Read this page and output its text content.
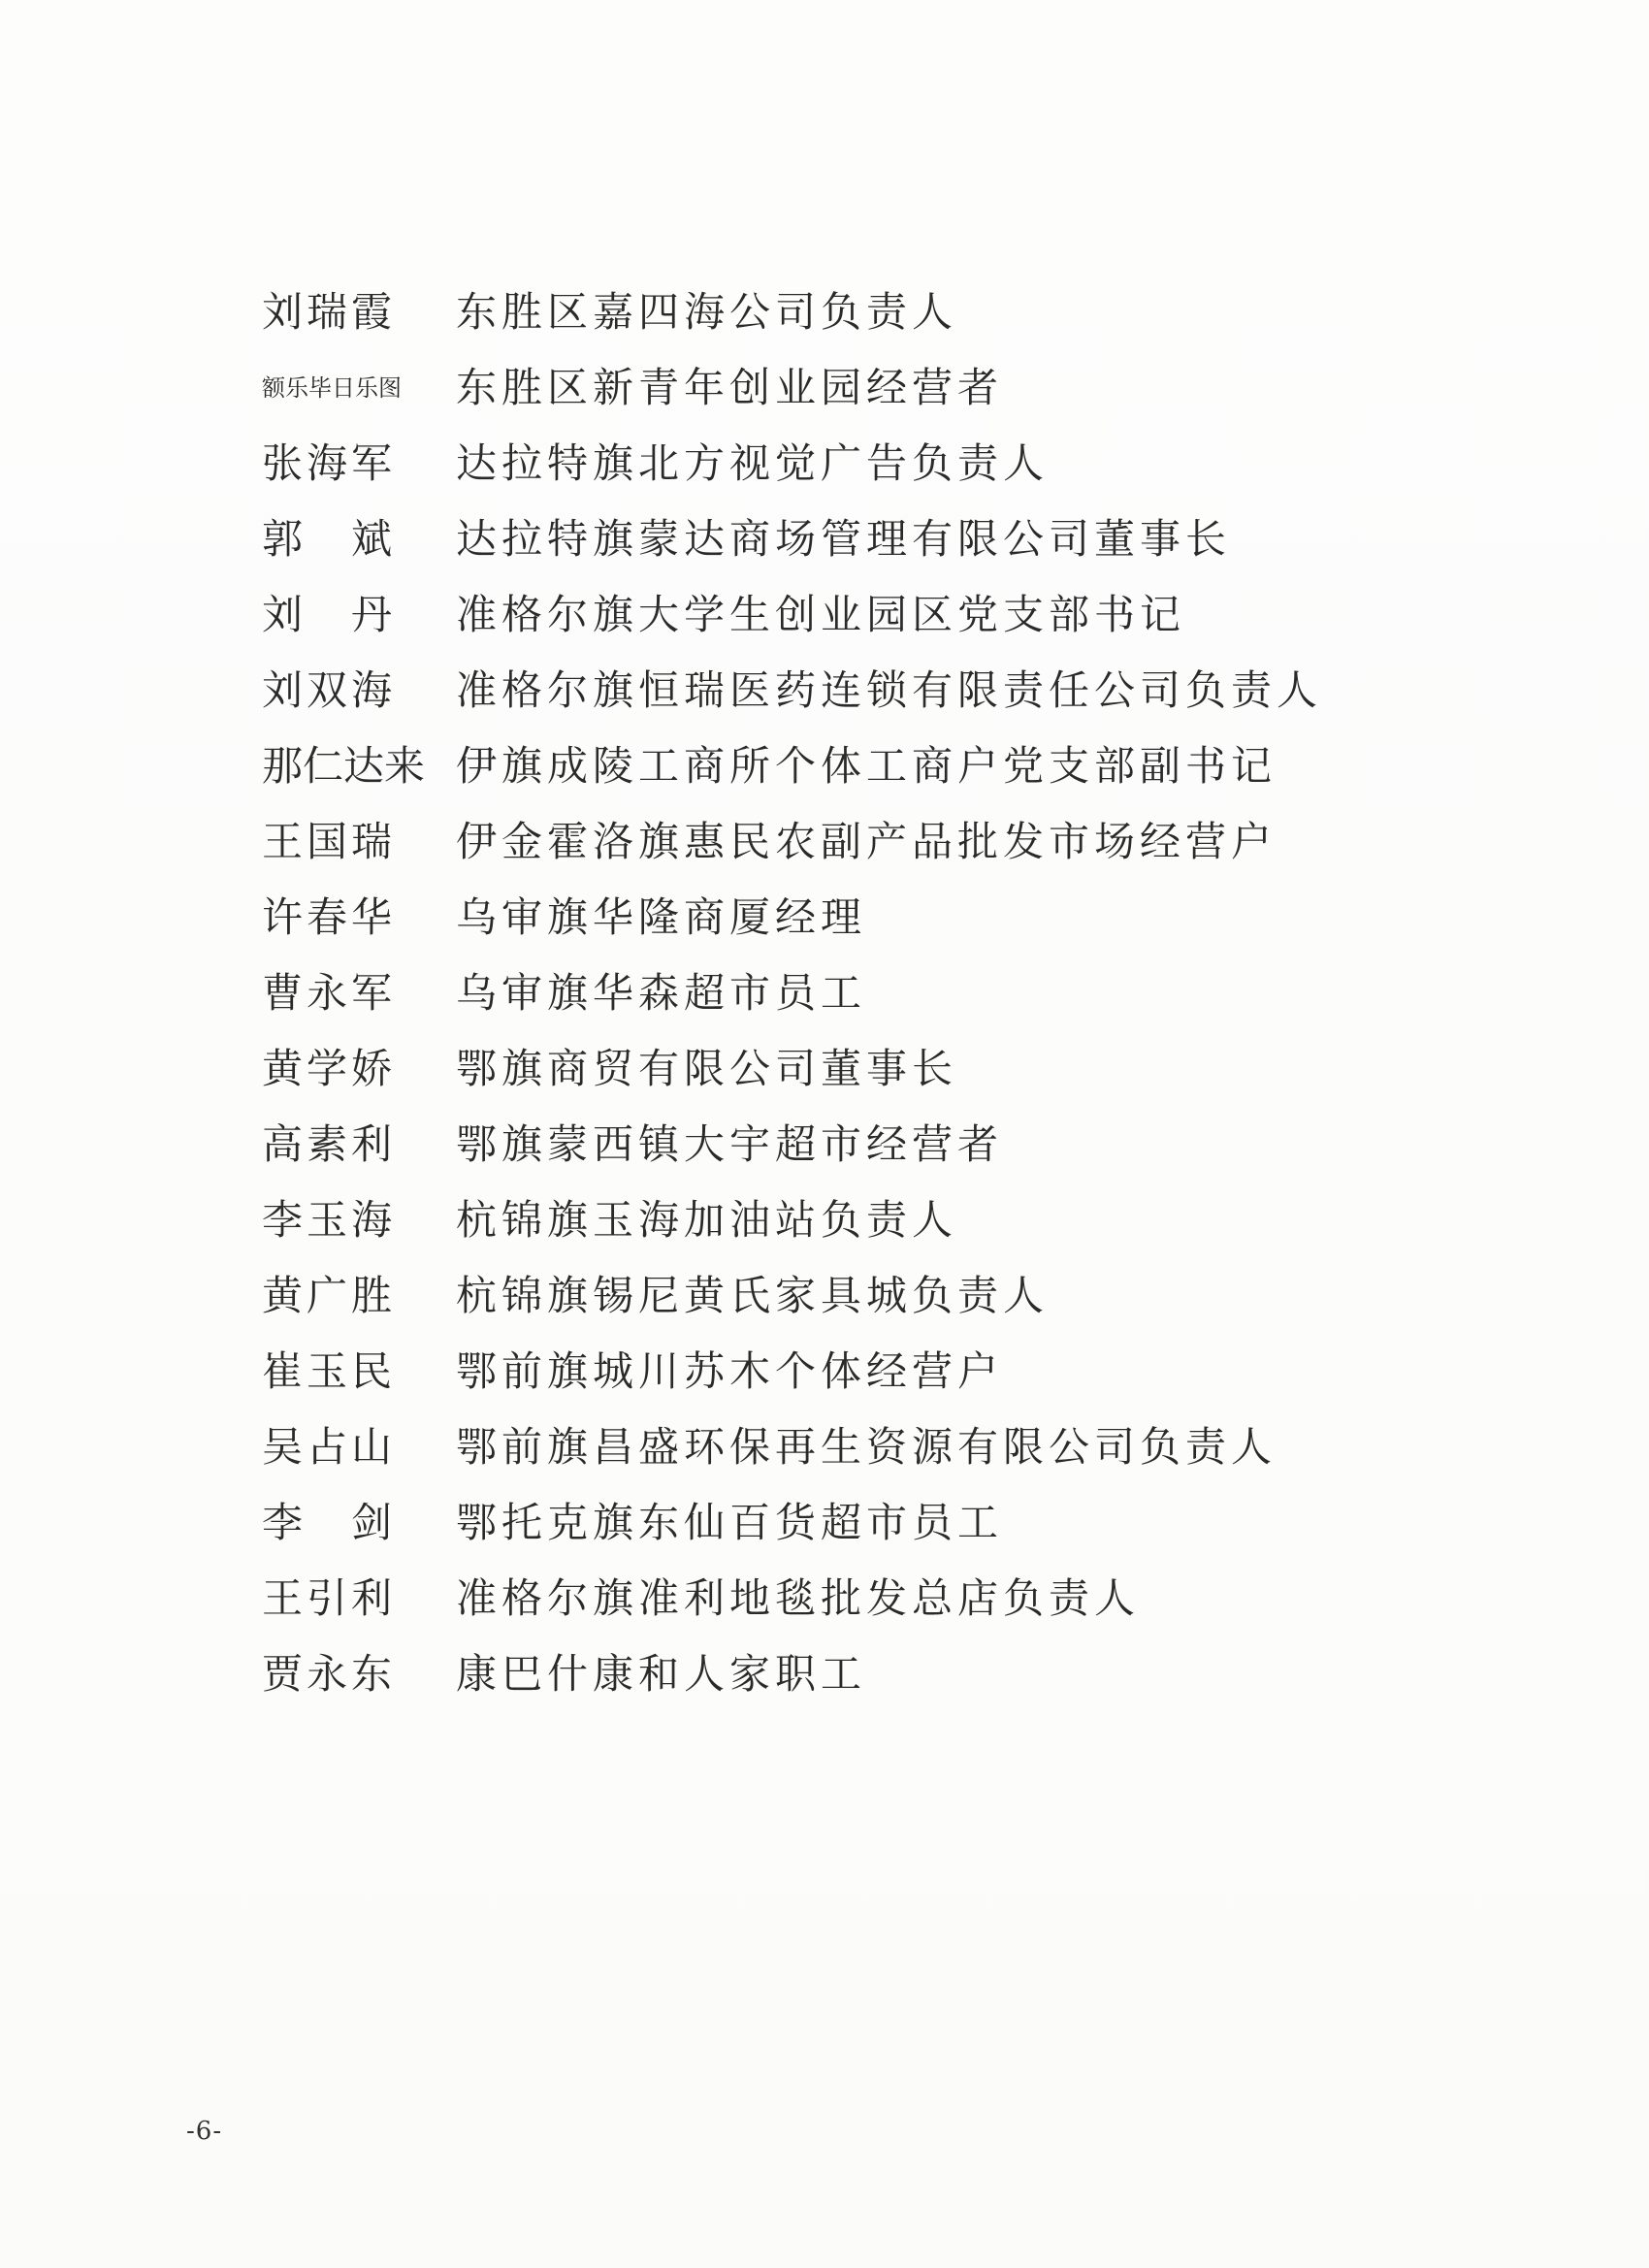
刘瑞霞	东胜区嘉四海公司负责人
额乐毕日乐图	东胜区新青年创业园经营者
张海军	达拉特旗北方视觉广告负责人
郭　斌	达拉特旗蒙达商场管理有限公司董事长
刘　丹	准格尔旗大学生创业园区党支部书记
刘双海	准格尔旗恒瑞医药连锁有限责任公司负责人
那仁达来 伊旗成陵工商所个体工商户党支部副书记
王国瑞	伊金霍洛旗惠民农副产品批发市场经营户
许春华	乌审旗华隆商厦经理
曹永军	乌审旗华森超市员工
黄学娇	鄂旗商贸有限公司董事长
高素利	鄂旗蒙西镇大宇超市经营者
李玉海	杭锦旗玉海加油站负责人
黄广胜	杭锦旗锡尼黄氏家具城负责人
崔玉民	鄂前旗城川苏木个体经营户
吴占山	鄂前旗昌盛环保再生资源有限公司负责人
李　剑	鄂托克旗东仙百货超市员工
王引利	准格尔旗准利地毯批发总店负责人
贾永东	康巴什康和人家职工
-6-
